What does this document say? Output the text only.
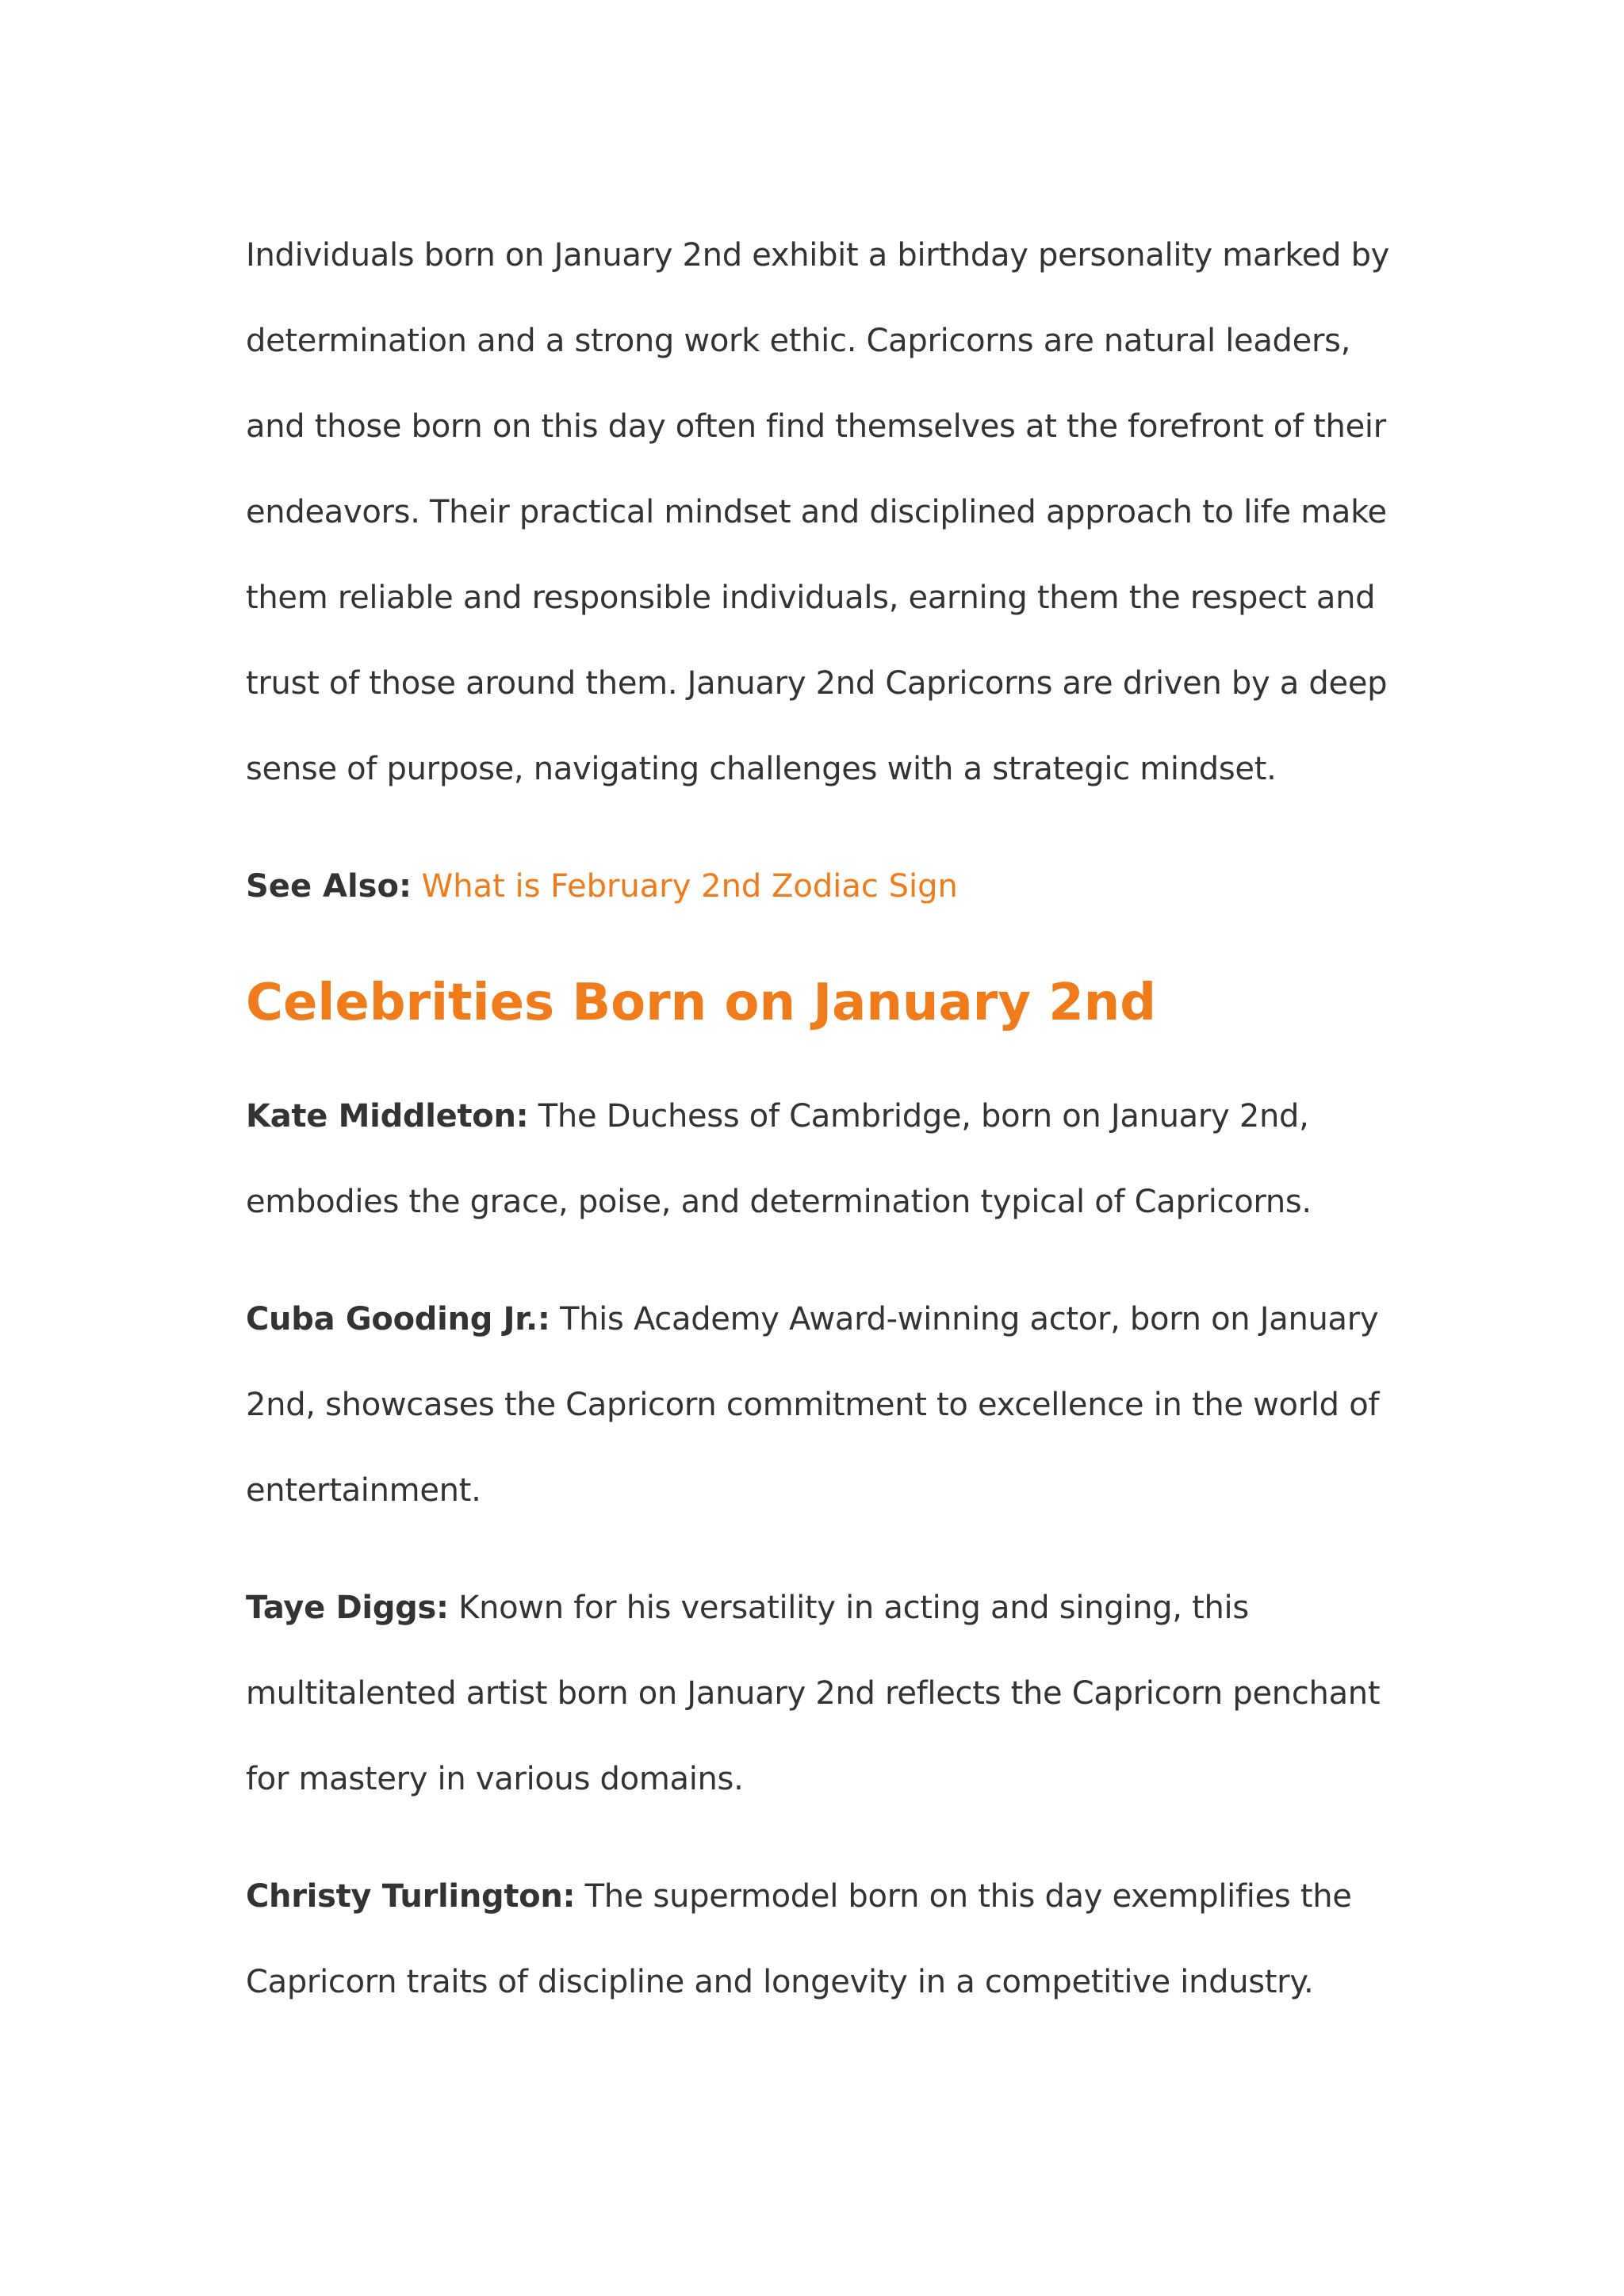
Individuals born on January 2nd exhibit a birthday personality marked by determination and a strong work ethic. Capricorns are natural leaders, and those born on this day often find themselves at the forefront of their endeavors. Their practical mindset and disciplined approach to life make them reliable and responsible individuals, earning them the respect and trust of those around them. January 2nd Capricorns are driven by a deep sense of purpose, navigating challenges with a strategic mindset.

See Also: What is February 2nd Zodiac Sign

Celebrities Born on January 2nd

Kate Middleton: The Duchess of Cambridge, born on January 2nd, embodies the grace, poise, and determination typical of Capricorns.

Cuba Gooding Jr.: This Academy Award-winning actor, born on January 2nd, showcases the Capricorn commitment to excellence in the world of entertainment.

Taye Diggs: Known for his versatility in acting and singing, this multitalented artist born on January 2nd reflects the Capricorn penchant for mastery in various domains.

Christy Turlington: The supermodel born on this day exemplifies the Capricorn traits of discipline and longevity in a competitive industry.
